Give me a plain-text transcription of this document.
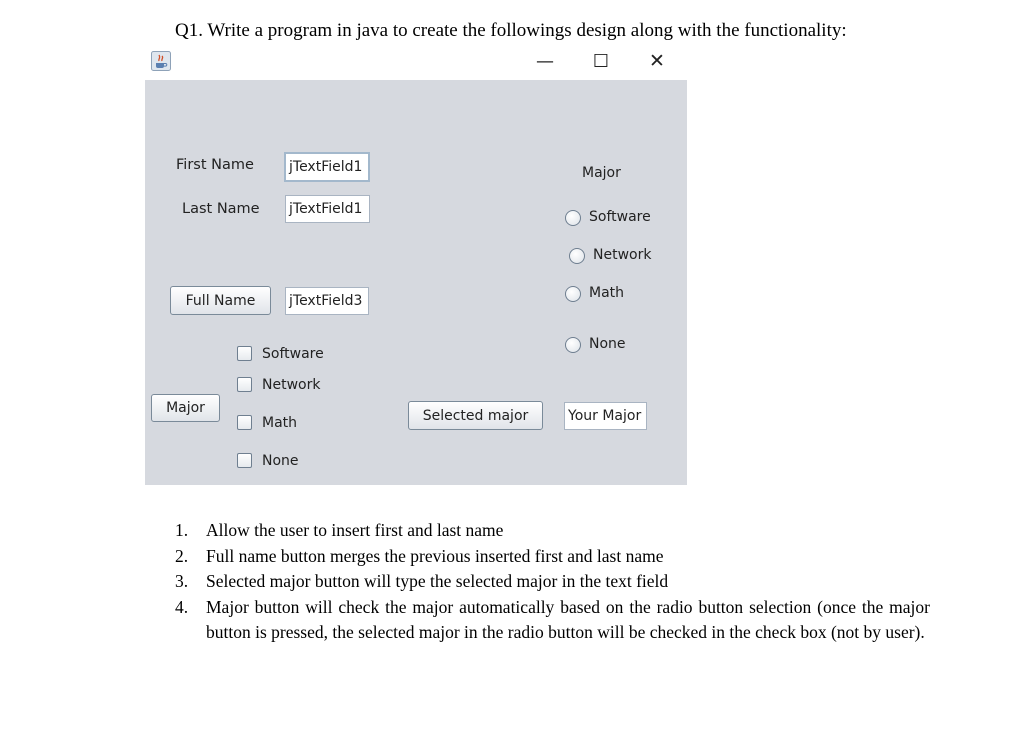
Q1. Write a program in java to create the followings design along with the functionality:
— ☐ ✕
First Name	jTextField1
Last Name jTextField1
Full Name	jTextField3
Major
Software
Network
Math
None
Selected major	Your Major
Major
Software
Network
Math
None
1. Allow the user to insert first and last name
2. Full name button merges the previous inserted first and last name
3. Selected major button will type the selected major in the text field
4. Major button will check the major automatically based on the radio button selection (once the major button is pressed, the selected major in the radio button will be checked in the check box (not by user).
